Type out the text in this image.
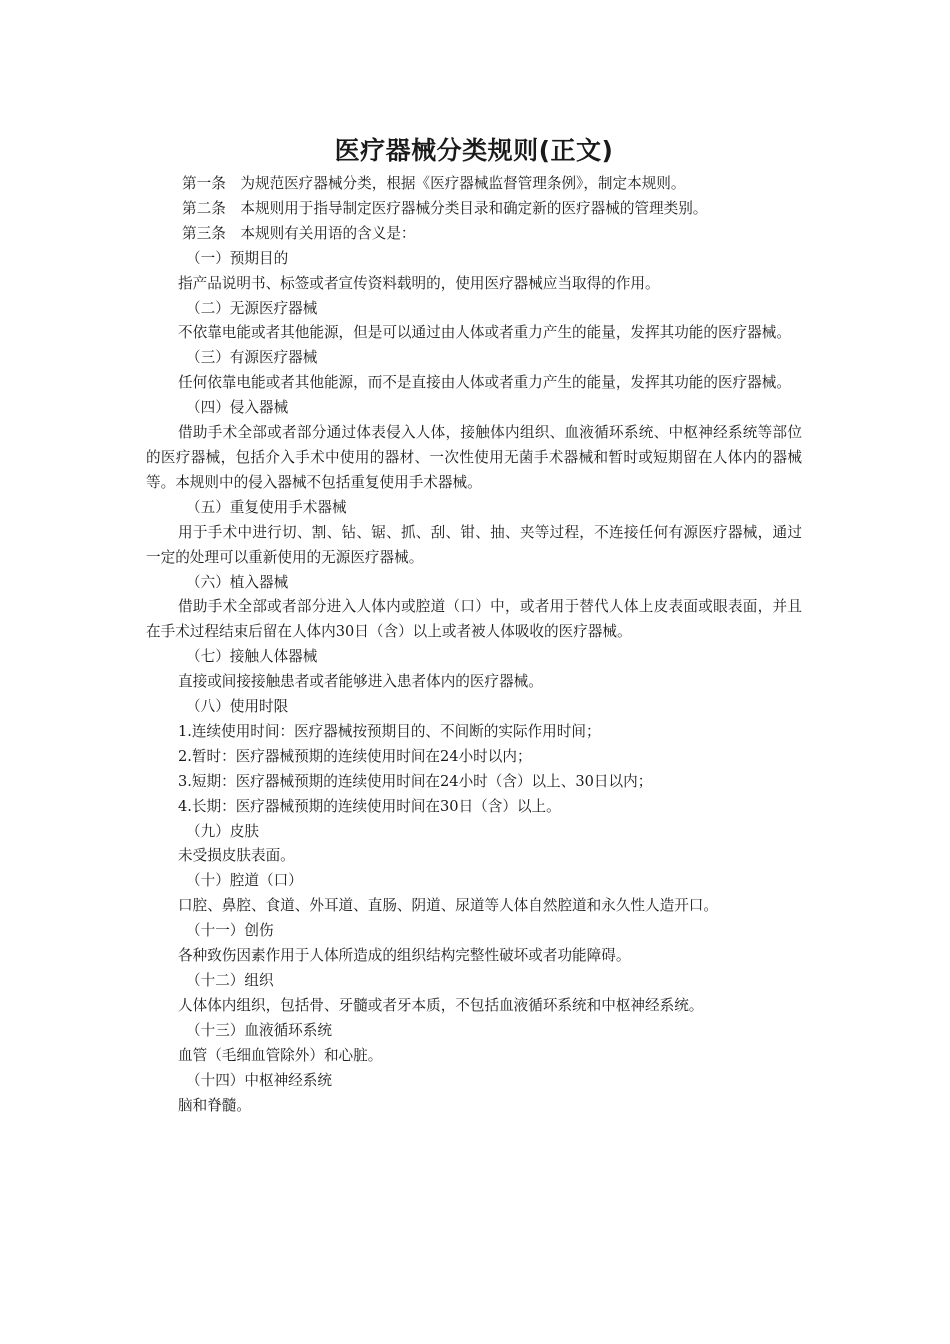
医疗器械分类规则(正文)

第一条　为规范医疗器械分类，根据《医疗器械监督管理条例》，制定本规则。

第二条　本规则用于指导制定医疗器械分类目录和确定新的医疗器械的管理类别。

第三条　本规则有关用语的含义是：

（一）预期目的

指产品说明书、标签或者宣传资料载明的，使用医疗器械应当取得的作用。

（二）无源医疗器械

不依靠电能或者其他能源，但是可以通过由人体或者重力产生的能量，发挥其功能的医疗器械。

（三）有源医疗器械

任何依靠电能或者其他能源，而不是直接由人体或者重力产生的能量，发挥其功能的医疗器械。

（四）侵入器械

借助手术全部或者部分通过体表侵入人体，接触体内组织、血液循环系统、中枢神经系统等部位的医疗器械，包括介入手术中使用的器材、一次性使用无菌手术器械和暂时或短期留在人体内的器械等。本规则中的侵入器械不包括重复使用手术器械。

（五）重复使用手术器械

用于手术中进行切、割、钻、锯、抓、刮、钳、抽、夹等过程，不连接任何有源医疗器械，通过一定的处理可以重新使用的无源医疗器械。

（六）植入器械

借助手术全部或者部分进入人体内或腔道（口）中，或者用于替代人体上皮表面或眼表面，并且在手术过程结束后留在人体内30日（含）以上或者被人体吸收的医疗器械。

（七）接触人体器械

直接或间接接触患者或者能够进入患者体内的医疗器械。

（八）使用时限

1.连续使用时间：医疗器械按预期目的、不间断的实际作用时间；

2.暂时：医疗器械预期的连续使用时间在24小时以内；

3.短期：医疗器械预期的连续使用时间在24小时（含）以上、30日以内；

4.长期：医疗器械预期的连续使用时间在30日（含）以上。

（九）皮肤

未受损皮肤表面。

（十）腔道（口）

口腔、鼻腔、食道、外耳道、直肠、阴道、尿道等人体自然腔道和永久性人造开口。

（十一）创伤

各种致伤因素作用于人体所造成的组织结构完整性破坏或者功能障碍。

（十二）组织

人体体内组织，包括骨、牙髓或者牙本质，不包括血液循环系统和中枢神经系统。

（十三）血液循环系统

血管（毛细血管除外）和心脏。

（十四）中枢神经系统

脑和脊髓。
